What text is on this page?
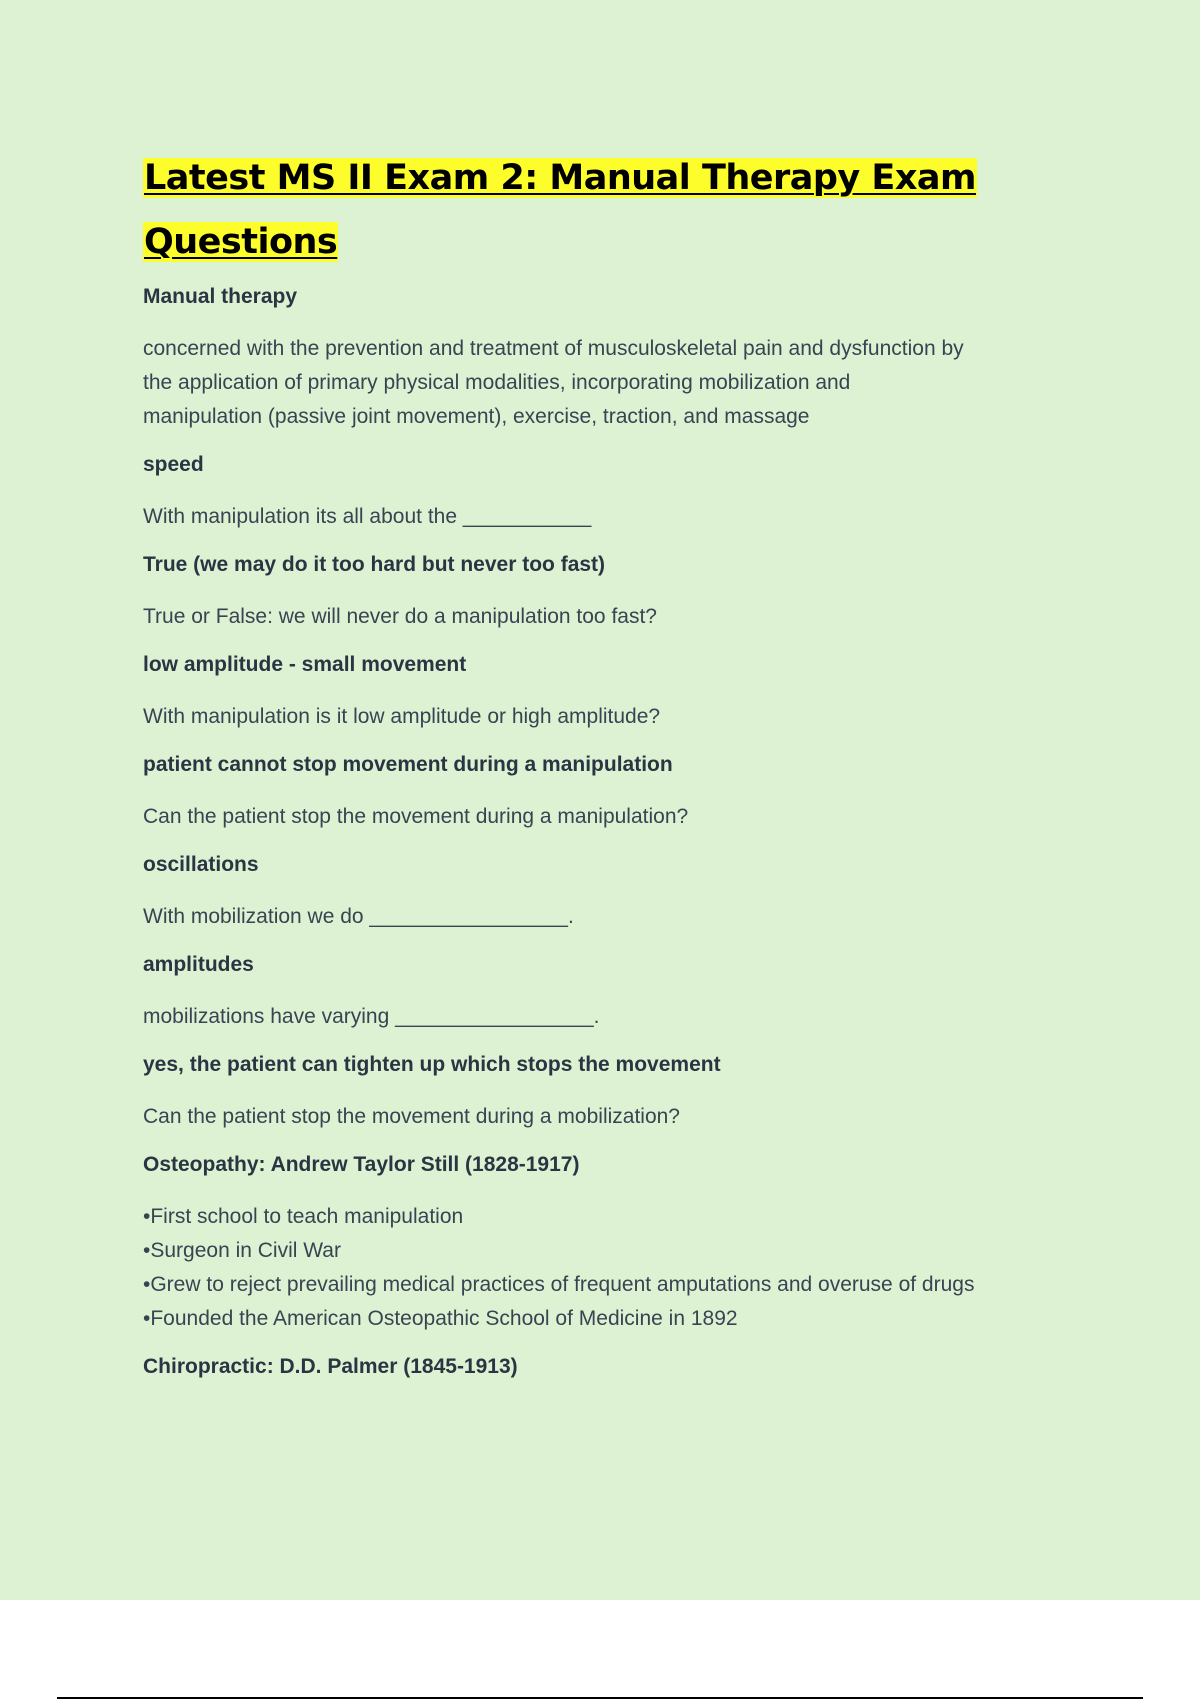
Latest MS II Exam 2: Manual Therapy Exam
Questions
Manual therapy
concerned with the prevention and treatment of musculoskeletal pain and dysfunction by
the application of primary physical modalities, incorporating mobilization and
manipulation (passive joint movement), exercise, traction, and massage
speed
With manipulation its all about the ___________
True (we may do it too hard but never too fast)
True or False: we will never do a manipulation too fast?
low amplitude - small movement
With manipulation is it low amplitude or high amplitude?
patient cannot stop movement during a manipulation
Can the patient stop the movement during a manipulation?
oscillations
With mobilization we do _________________.
amplitudes
mobilizations have varying _________________.
yes, the patient can tighten up which stops the movement
Can the patient stop the movement during a mobilization?
Osteopathy: Andrew Taylor Still (1828-1917)
•First school to teach manipulation
•Surgeon in Civil War
•Grew to reject prevailing medical practices of frequent amputations and overuse of drugs
•Founded the American Osteopathic School of Medicine in 1892
Chiropractic: D.D. Palmer (1845-1913)
